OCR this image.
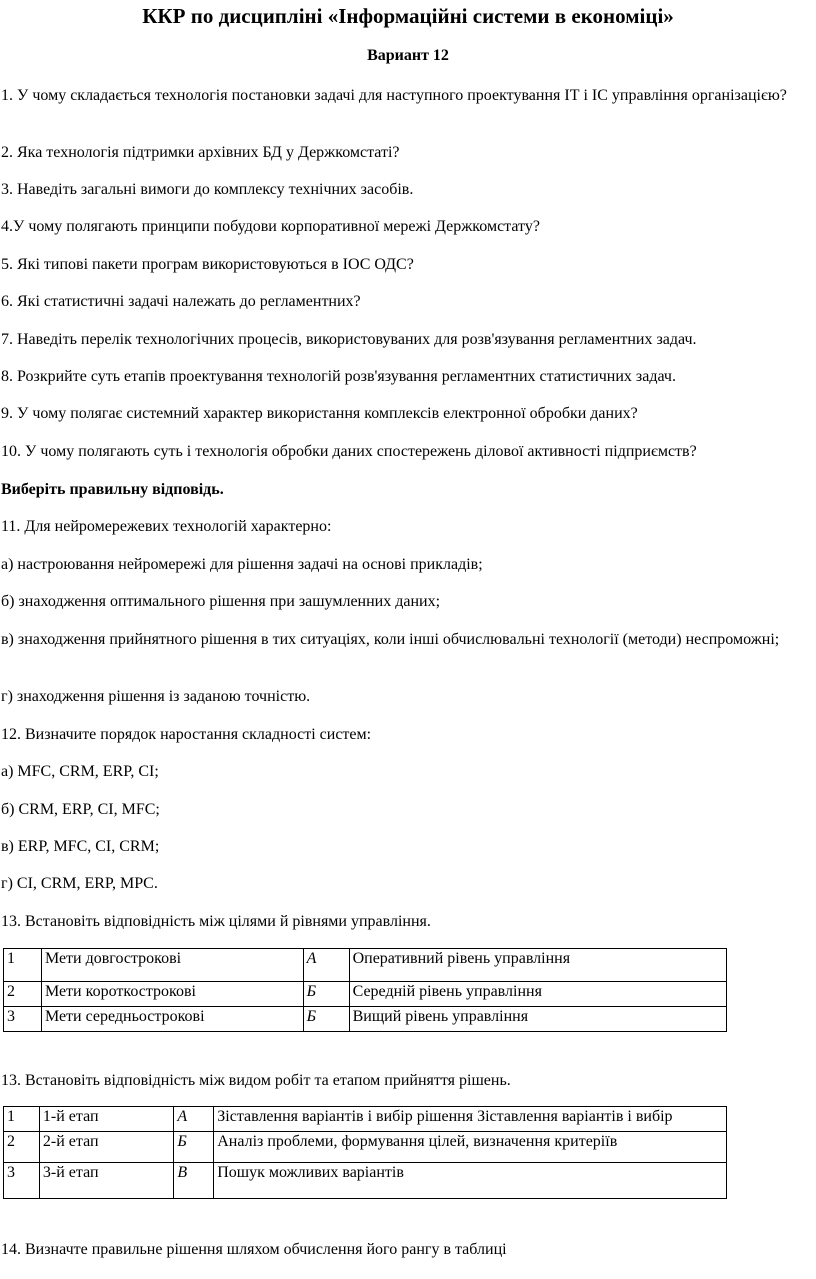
ККР по дисципліні «Інформаційні системи в економіці»
Вариант 12
1. У чому складається технологія постановки задачі для наступного проектування ІТ і ІС управління організацією?
2. Яка технологія підтримки архівних БД у Держкомстаті?
3. Наведіть загальні вимоги до комплексу технічних засобів.
4.У чому полягають принципи побудови корпоративної мережі Держкомстату?
5. Які типові пакети програм використовуються в ІОС ОДС?
6. Які статистичні задачі належать до регламентних?
7. Наведіть перелік технологічних процесів, використовуваних для розв'язування регламентних задач.
8. Розкрийте суть етапів проектування технологій розв'язування регламентних статистичних задач.
9. У чому полягає системний характер використання комплексів електронної обробки даних?
10. У чому полягають суть і технологія обробки даних спостережень ділової активності підприємств?
Виберіть правильну відповідь.
11. Для нейромережевих технологій характерно:
а) настроювання нейромережі для рішення задачі на основі прикладів;
б) знаходження оптимального рішення при зашумленних даних;
в) знаходження прийнятного рішення в тих ситуаціях, коли інші обчислювальні технології (методи) неспроможні;
г) знаходження рішення із заданою точністю.
12. Визначите порядок наростання складності систем:
а) MFC, CRM, ERP, CI;
б) CRM, ERP, CI, MFC;
в) ERP, MFC, CI, CRM;
г) CI, CRM, ERP, MPC.
13. Встановіть відповідність між цілями й рівнями управління.
1	Мети довгострокові	А	Оперативний рівень управління
2	Мети короткострокові	Б	Середній рівень управління
3	Мети середньострокові	Б	Вищий рівень управління
13. Встановіть відповідність між видом робіт та етапом прийняття рішень.
1	1-й етап	А	Зіставлення варіантів і вибір рішення Зіставлення варіантів і вибір
2	2-й етап	Б	Аналіз проблеми, формування цілей, визначення критеріїв
3	3-й етап	В	Пошук можливих варіантів
14. Визначте правильне рішення шляхом обчислення його рангу в таблиці
